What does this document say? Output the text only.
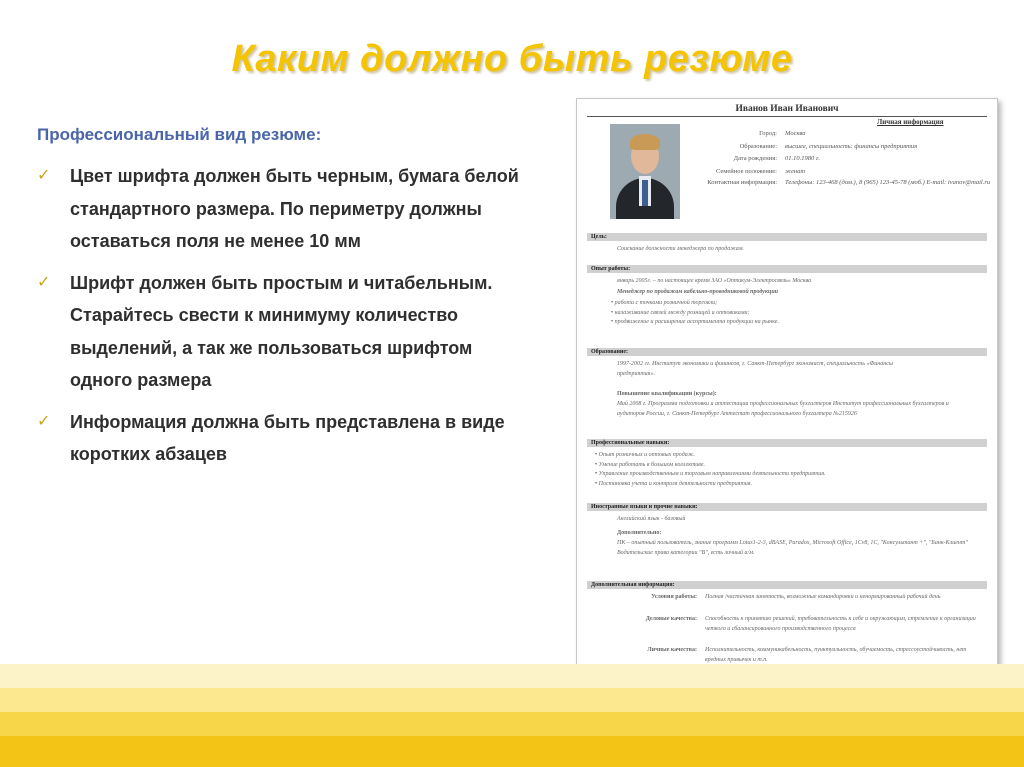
Каким должно быть резюме
Профессиональный вид резюме:
✓ Цвет шрифта должен быть черным, бумага белой стандартного размера. По периметру должны оставаться поля не менее 10 мм
✓ Шрифт должен быть простым и читабельным. Старайтесь свести к минимуму количество выделений, а так же пользоваться шрифтом одного размера
✓ Информация должна быть представлена в виде коротких абзацев
Иванов Иван Иванович
Личная информация
Город:	Москва
Образование:	высшее, специальность: финансы предприятия
Дата рождения:	01.10.1980 г.
Семейное положение:	женат
Контактная информация:	Телефоны: 123-468 (дом.), 8 (965) 123-45-78 (моб.) E-mail: ivanov@mail.ru
Цель:
Соискание должности менеджера по продажам.
Опыт работы:
январь 2005г. – по настоящее время ЗАО «Оптикум-Электросвязь» Москва
Менеджер по продажам кабельно-проводниковой продукции
• работа с точками розничной торговли;
• налаживание связей между розницей и оптовиками;
• продвижение и расширение ассортимента продукции на рынке.
Образование:
1997-2002 гг. Институт экономики и финансов, г. Санкт-Петербург экономист, специальность «Финансы предприятия».
Повышение квалификации (курсы):
Май 2008 г. Программа подготовки и аттестации профессиональных бухгалтеров Институт профессиональных бухгалтеров и аудиторов России, г. Санкт-Петербург Аттестат профессионального бухгалтера №215926
Профессиональные навыки:
• Опыт розничных и оптовых продаж.
• Умение работать в большом коллективе.
• Управление производственным и торговым направлениями деятельности предприятия.
• Постановка учета и контроля деятельности предприятия.
Иностранные языки и прочие навыки:
Английский язык - базовый
Дополнительно:
ПК – опытный пользователь, знание программ Lotus1-2-3, dBASE, Paradox, Microsoft Office, 1Cv8, 1С, "Консультант +", "Банк-Клиент" Водительские права категории "В", есть личный а/м.
Дополнительная информация:
Условия работы: Полная /частичная занятость, возможные командировки и ненормированный рабочий день
Деловые качества: Способность к принятию решений, требовательность к себе и окружающим, стремление к организации четкого и сбалансированного производственного процесса
Личные качества: Исполнительность, коммуникабельность, пунктуальность, обучаемость, стрессоустойчивость, нет вредных привычек и т.п.
